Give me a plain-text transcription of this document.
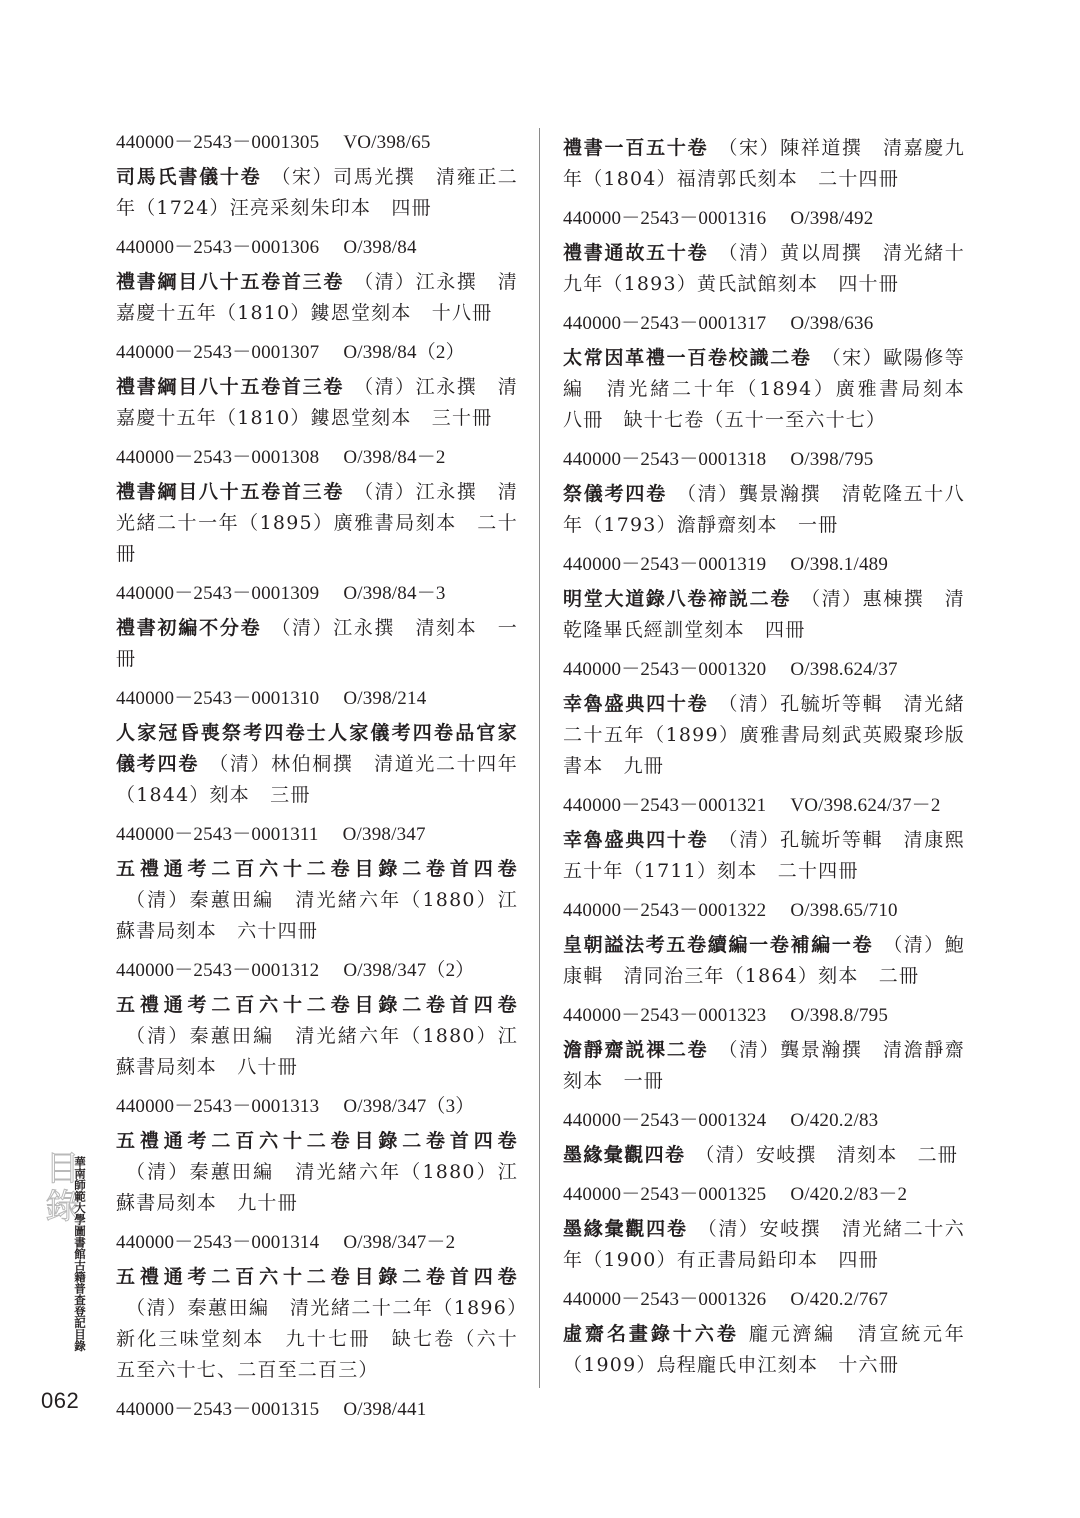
440000－2543－0001305 VO/398/65

司馬氏書儀十卷 （宋）司馬光撰　清雍正二年（1724）汪亮采刻朱印本　四冊

440000－2543－0001306 O/398/84

禮書綱目八十五卷首三卷 （清）江永撰　清嘉慶十五年（1810）鏤恩堂刻本　十八冊

440000－2543－0001307 O/398/84（2）

禮書綱目八十五卷首三卷 （清）江永撰　清嘉慶十五年（1810）鏤恩堂刻本　三十冊

440000－2543－0001308 O/398/84－2

禮書綱目八十五卷首三卷 （清）江永撰　清光緒二十一年（1895）廣雅書局刻本　二十冊

440000－2543－0001309 O/398/84－3

禮書初編不分卷 （清）江永撰　清刻本　一冊

440000－2543－0001310 O/398/214

人家冠昏喪祭考四卷士人家儀考四卷品官家儀考四卷 （清）林伯桐撰　清道光二十四年（1844）刻本　三冊

440000－2543－0001311 O/398/347

五禮通考二百六十二卷目錄二卷首四卷（清）秦蕙田編　清光緒六年（1880）江蘇書局刻本　六十四冊

440000－2543－0001312 O/398/347（2）

五禮通考二百六十二卷目錄二卷首四卷（清）秦蕙田編　清光緒六年（1880）江蘇書局刻本　八十冊

440000－2543－0001313 O/398/347（3）

五禮通考二百六十二卷目錄二卷首四卷（清）秦蕙田編　清光緒六年（1880）江蘇書局刻本　九十冊

440000－2543－0001314 O/398/347－2

五禮通考二百六十二卷目錄二卷首四卷（清）秦蕙田編　清光緒二十二年（1896）新化三味堂刻本　九十七冊　缺七卷（六十五至六十七、二百至二百三）

440000－2543－0001315 O/398/441

禮書一百五十卷 （宋）陳祥道撰　清嘉慶九年（1804）福清郭氏刻本　二十四冊

440000－2543－0001316 O/398/492

禮書通故五十卷 （清）黄以周撰　清光緒十九年（1893）黄氏試館刻本　四十冊

440000－2543－0001317 O/398/636

太常因革禮一百卷校識二卷 （宋）歐陽修等編　清光緒二十年（1894）廣雅書局刻本　八冊　缺十七卷（五十一至六十七）

440000－2543－0001318 O/398/795

祭儀考四卷 （清）龔景瀚撰　清乾隆五十八年（1793）澹靜齋刻本　一冊

440000－2543－0001319 O/398.1/489

明堂大道錄八卷禘説二卷 （清）惠棟撰　清乾隆畢氏經訓堂刻本　四冊

440000－2543－0001320 O/398.624/37

幸魯盛典四十卷 （清）孔毓圻等輯　清光緒二十五年（1899）廣雅書局刻武英殿聚珍版書本　九冊

440000－2543－0001321 VO/398.624/37－2

幸魯盛典四十卷 （清）孔毓圻等輯　清康熙五十年（1711）刻本　二十四冊

440000－2543－0001322 O/398.65/710

皇朝謚法考五卷續編一卷補編一卷 （清）鮑康輯　清同治三年（1864）刻本　二冊

440000－2543－0001323 O/398.8/795

澹靜齋説祼二卷 （清）龔景瀚撰　清澹靜齋刻本　一冊

440000－2543－0001324 O/420.2/83

墨緣彙觀四卷 （清）安岐撰　清刻本　二冊

440000－2543－0001325 O/420.2/83－2

墨緣彙觀四卷 （清）安岐撰　清光緒二十六年（1900）有正書局鉛印本　四冊

440000－2543－0001326 O/420.2/767

虛齋名畫錄十六卷 龐元濟編　清宣統元年（1909）烏程龐氏申江刻本　十六冊

目錄
華南師範大學圖書館古籍普查登記目錄
062
